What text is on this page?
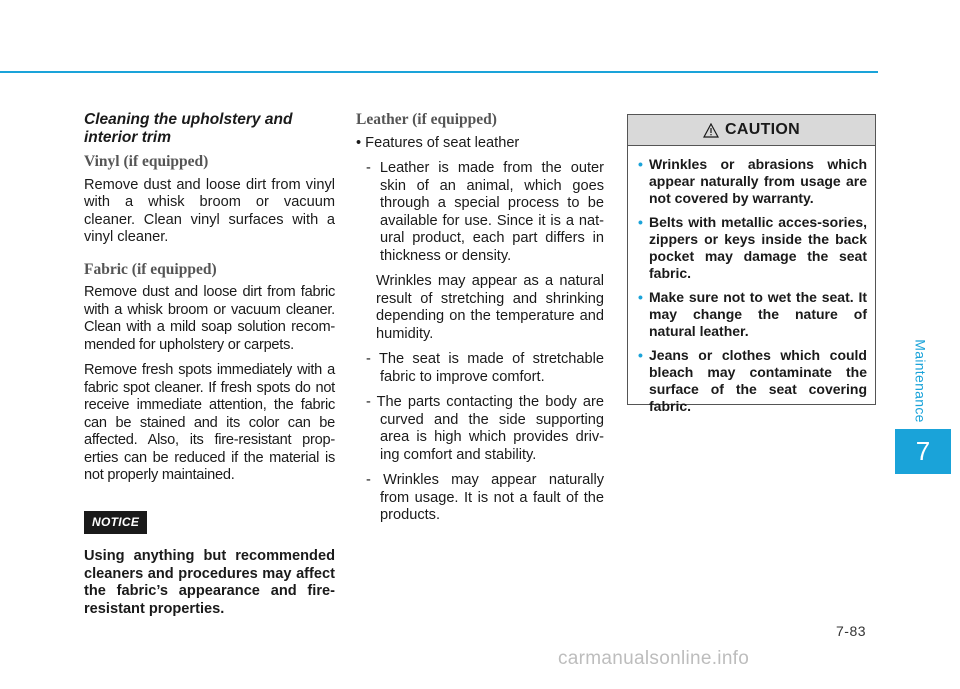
Maintenance
7
Cleaning the upholstery and
interior trim
Vinyl (if equipped)

Remove dust and loose dirt from vinyl with a whisk broom or vacuum cleaner. Clean vinyl surfaces with a vinyl cleaner.

Fabric (if equipped)

Remove dust and loose dirt from fabric with a whisk broom or vacuum cleaner. Clean with a mild soap solution recom-mended for upholstery or carpets.

Remove fresh spots immediately with a fabric spot cleaner. If fresh spots do not receive immediate attention, the fabric can be stained and its color can be affected. Also, its fire-resistant prop-erties can be reduced if the material is not properly maintained.

NOTICE

Using anything but recommended cleaners and procedures may affect the fabric’s appearance and fire-resistant properties.

Leather (if equipped)

• Features of seat leather

- Leather is made from the outer skin of an animal, which goes through a special process to be available for use. Since it is a nat-ural product, each part differs in thickness or density.

Wrinkles may appear as a natural result of stretching and shrinking depending on the temperature and humidity.

- The seat is made of stretchable fabric to improve comfort.

- The parts contacting the body are curved and the side supporting area is high which provides driv-ing comfort and stability.

- Wrinkles may appear naturally from usage. It is not a fault of the products.

CAUTION
• Wrinkles or abrasions which appear naturally from usage are not covered by warranty.
• Belts with metallic acces-sories, zippers or keys inside the back pocket may damage the seat fabric.
• Make sure not to wet the seat. It may change the nature of natural leather.
• Jeans or clothes which could bleach may contaminate the surface of the seat covering fabric.
7-83
carmanualsonline.info
